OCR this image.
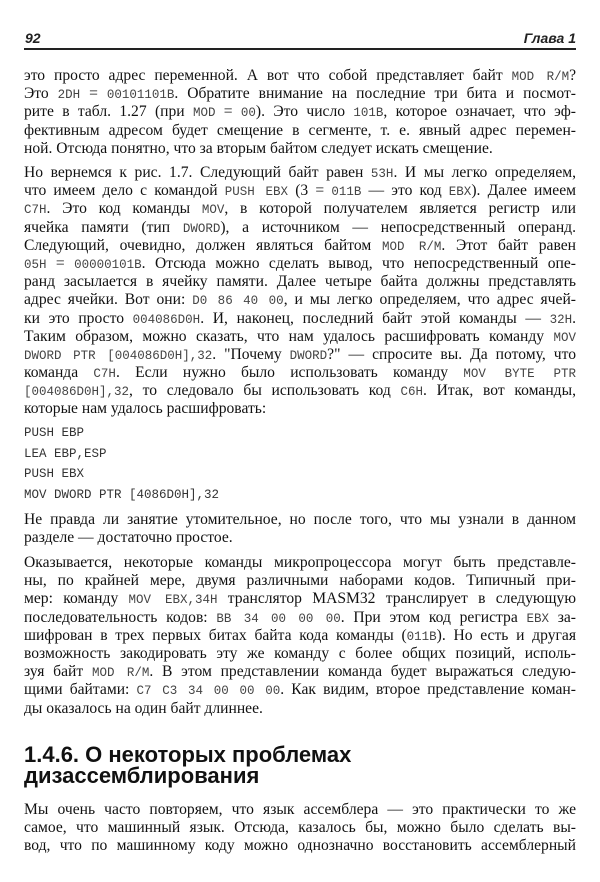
92	Глава 1
это просто адрес переменной. А вот что собой представляет байт MOD R/M?
Это 2DH = 00101101B. Обратите внимание на последние три бита и посмот-
рите в табл. 1.27 (при MOD = 00). Это число 101B, которое означает, что эф-
фективным адресом будет смещение в сегменте, т. е. явный адрес перемен-
ной. Отсюда понятно, что за вторым байтом следует искать смещение.
Но вернемся к рис. 1.7. Следующий байт равен 53H. И мы легко определяем,
что имеем дело с командой PUSH EBX (3 = 011B — это код EBX). Далее имеем
C7H. Это код команды MOV, в которой получателем является регистр или
ячейка памяти (тип DWORD), а источником — непосредственный операнд.
Следующий, очевидно, должен являться байтом MOD R/M. Этот байт равен
05H = 00000101B. Отсюда можно сделать вывод, что непосредственный опе-
ранд засылается в ячейку памяти. Далее четыре байта должны представлять
адрес ячейки. Вот они: D0 86 40 00, и мы легко определяем, что адрес ячей-
ки это просто 004086D0H. И, наконец, последний байт этой команды — 32H.
Таким образом, можно сказать, что нам удалось расшифровать команду MOV
DWORD PTR [004086D0H],32. "Почему DWORD?" — спросите вы. Да потому, что
команда C7H. Если нужно было использовать команду MOV BYTE PTR
[004086D0H],32, то следовало бы использовать код C6H. Итак, вот команды,
которые нам удалось расшифровать:
PUSH EBP
LEA EBP,ESP
PUSH EBX
MOV DWORD PTR [4086D0H],32
Не правда ли занятие утомительное, но после того, что мы узнали в данном
разделе — достаточно простое.
Оказывается, некоторые команды микропроцессора могут быть представле-
ны, по крайней мере, двумя различными наборами кодов. Типичный при-
мер: команду MOV EBX,34H транслятор MASM32 транслирует в следующую
последовательность кодов: BB 34 00 00 00. При этом код регистра EBX за-
шифрован в трех первых битах байта кода команды (011B). Но есть и другая
возможность закодировать эту же команду с более общих позиций, исполь-
зуя байт MOD R/M. В этом представлении команда будет выражаться следую-
щими байтами: C7 C3 34 00 00 00. Как видим, второе представление коман-
ды оказалось на один байт длиннее.
1.4.6. О некоторых проблемах
дизассемблирования
Мы очень часто повторяем, что язык ассемблера — это практически то же
самое, что машинный язык. Отсюда, казалось бы, можно было сделать вы-
вод, что по машинному коду можно однозначно восстановить ассемблерный
